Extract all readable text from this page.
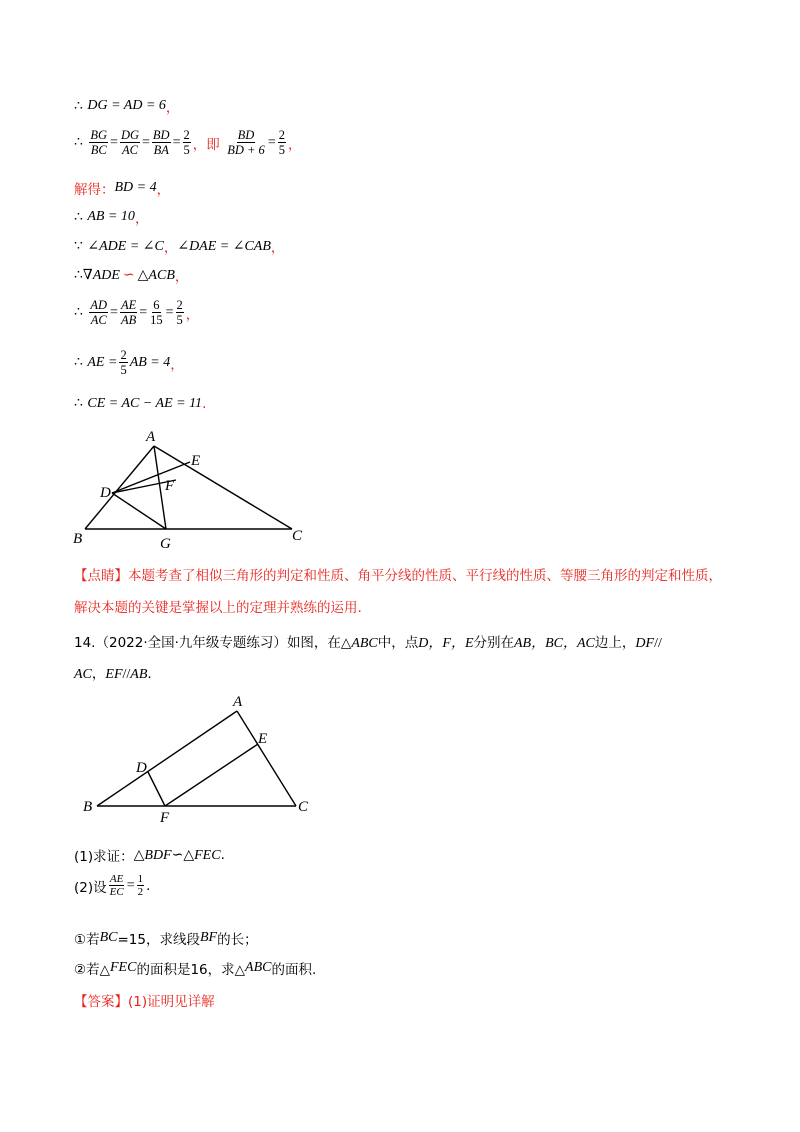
∴
DG = AD = 6 ，
∴
$\frac{BG}{BC} = \frac{DG}{AC} = \frac{BD}{BA} = \frac{2}{5}$ ，即
$\frac{BD}{BD + 6} = \frac{2}{5}$ ，
解得： BD = 4 ，
∴
AB = 10 ，
∵
∠ADE = ∠C ， ∠DAE = ∠CAB ，
∴ ∇ADE ∽ △ACB ，
∴
$\frac{AD}{AC} = \frac{AE}{AB} = \frac{6}{15} = \frac{2}{5}$ ，
∴
AE = $\frac{2}{5}$ AB = 4 ，
∴
CE = AC − AE = 11 .
A
E
D	F
B	G	C
【点睛】本题考查了相似三角形的判定和性质、角平分线的性质、平行线的性质、等腰三角形的判定和性质，解决本题的关键是掌握以上的定理并熟练的运用.
14.（2022·全国·九年级专题练习）如图，在△ABC中，点D，F，E分别在AB，BC，AC边上，DF//
AC，EF//AB.
A
E
D
B
F
C
(1)求证： △BDF ∽ △FEC .
(2)设 $\frac{AE}{EC} = \frac{1}{2}$ .
①若 BC =15，求线段 BF 的长；
②若△ FEC 的面积是16，求△ ABC 的面积.
【答案】 (1)证明见详解
